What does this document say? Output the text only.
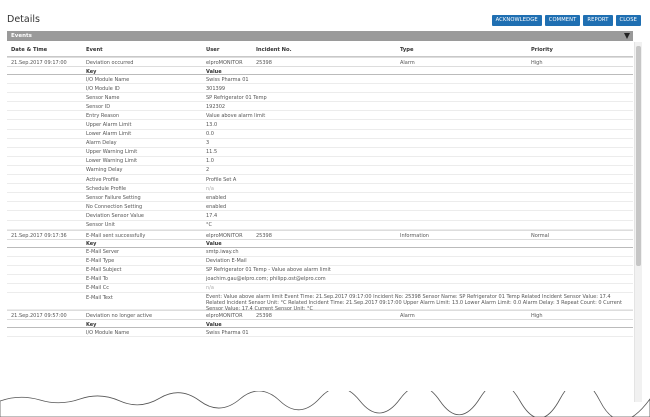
Details	ACKNOWLEDGE	COMMENT	REPORT	CLOSE
Events
Date & Time	Event	User	Incident No.	Type	Priority
21.Sep.2017 09:17:00	Deviation occurred	elproMONITOR	25398	Alarm	High
Key	Value
I/O Module Name	Swiss Pharma 01
I/O Module ID	301399
Sensor Name	SP Refrigerator 01 Temp
Sensor ID	192302
Entry Reason	Value above alarm limit
Upper Alarm Limit	13.0
Lower Alarm Limit	0.0
Alarm Delay	3
Upper Warning Limit	11.5
Lower Warning Limit	1.0
Warning Delay	2
Active Profile	Profile Set A
Schedule Profile	n/a
Sensor Failure Setting	enabled
No Connection Setting	enabled
Deviation Sensor Value	17.4
Sensor Unit	°C
21.Sep.2017 09:17:36	E-Mail sent successfully	elproMONITOR	25398	Information	Normal
Key	Value
E-Mail Server	smtp.iway.ch
E-Mail Type	Deviation E-Mail
E-Mail Subject	SP Refrigerator 01 Temp - Value above alarm limit
E-Mail To	joachim.gau@elpro.com; philipp.ost@elpro.com
E-Mail Cc	n/a
E-Mail Text	Event: Value above alarm limit Event Time: 21.Sep.2017 09:17:00 Incident No: 25398 Sensor Name: SP Refrigerator 01 Temp Related Incident Sensor Value: 17.4 Related Incident Sensor Unit: °C Related Incident Time: 21.Sep.2017 09:17:00 Upper Alarm Limit: 13.0 Lower Alarm Limit: 0.0 Alarm Delay: 3 Repeat Count: 0 Current Sensor Value: 17.4 Current Sensor Unit: °C
21.Sep.2017 09:57:00	Deviation no longer active	elproMONITOR	25398	Alarm	High
Key	Value
I/O Module Name	Swiss Pharma 01
